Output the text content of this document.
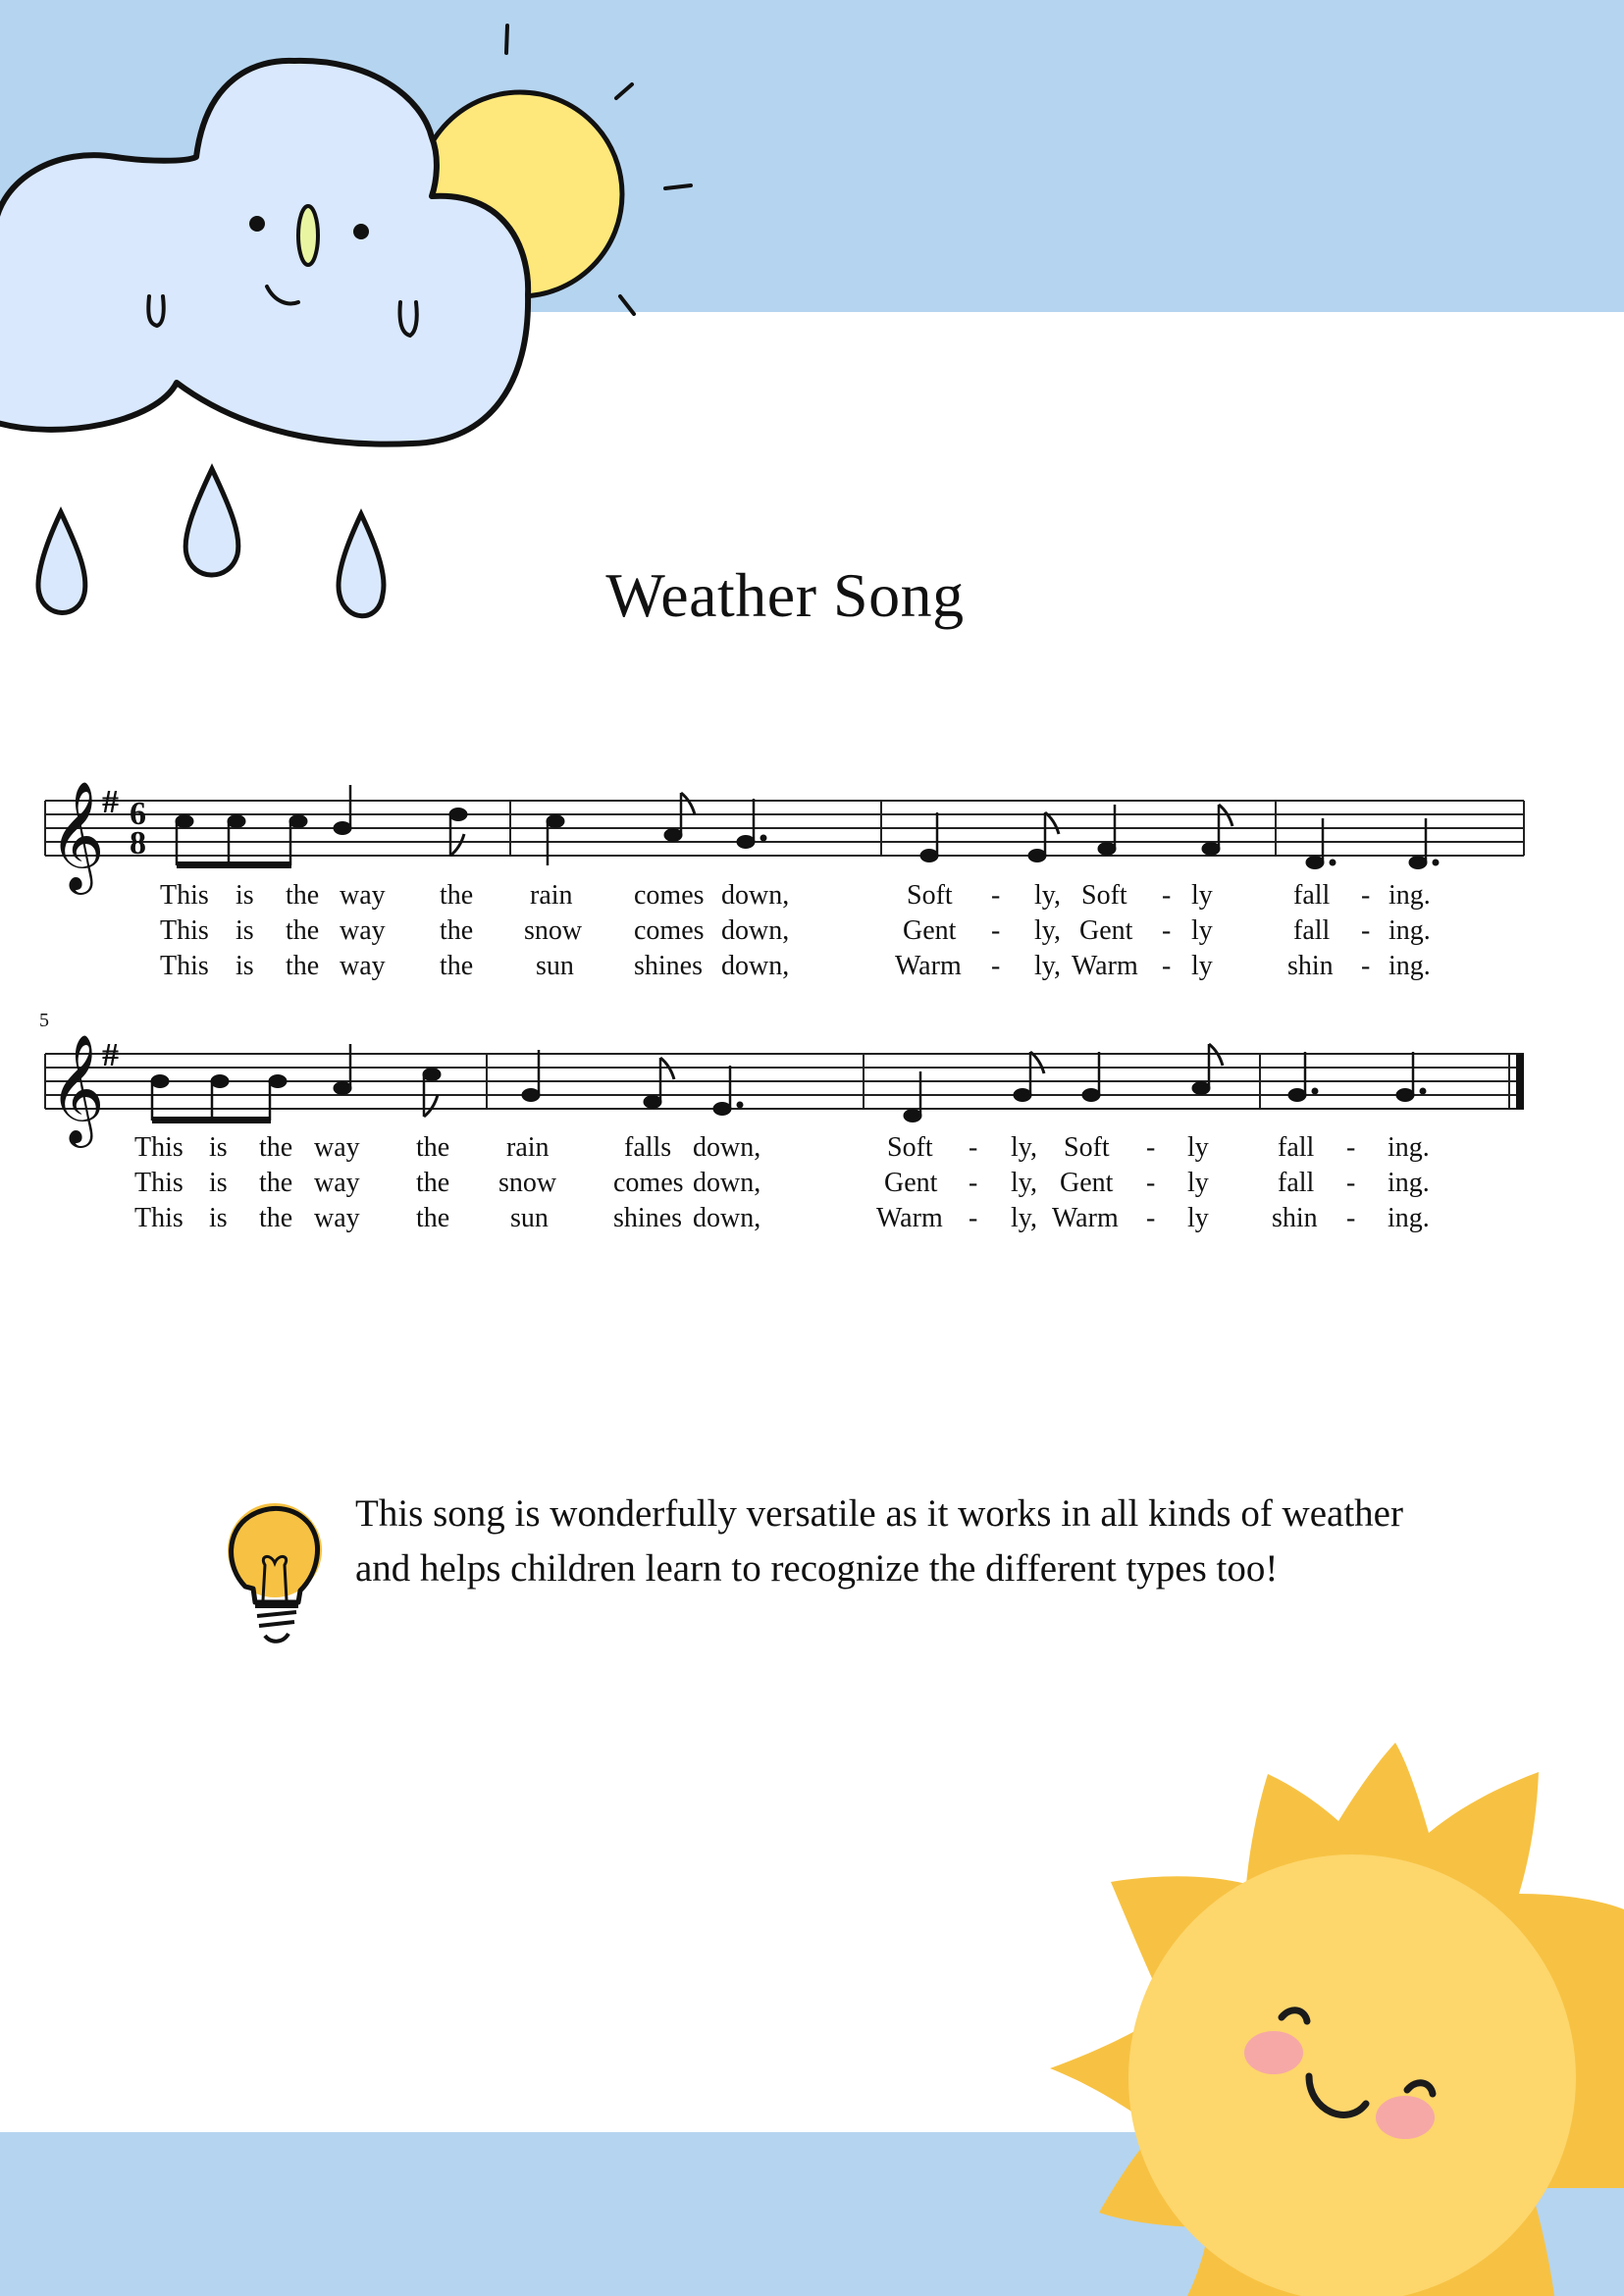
Weather Song
𝄞
# 6
8
This is the way the rain comes down,	Soft - ly, Soft - ly	fall - ing.
This is the way the snow comes down,	Gent - ly, Gent - ly	fall - ing.
This is the way the sun shines down,	Warm - ly, Warm - ly	shin - ing.
5
𝄞
#
This is the way the rain	falls down,	Soft - ly, Soft - ly	fall - ing.
This is the way the snow comes down,	Gent - ly, Gent - ly	fall - ing.
This is the way the sun shines down,	Warm - ly, Warm - ly shin - ing.
This song is wonderfully versatile as it works in all kinds of weather and helps children learn to recognize the different types too!
